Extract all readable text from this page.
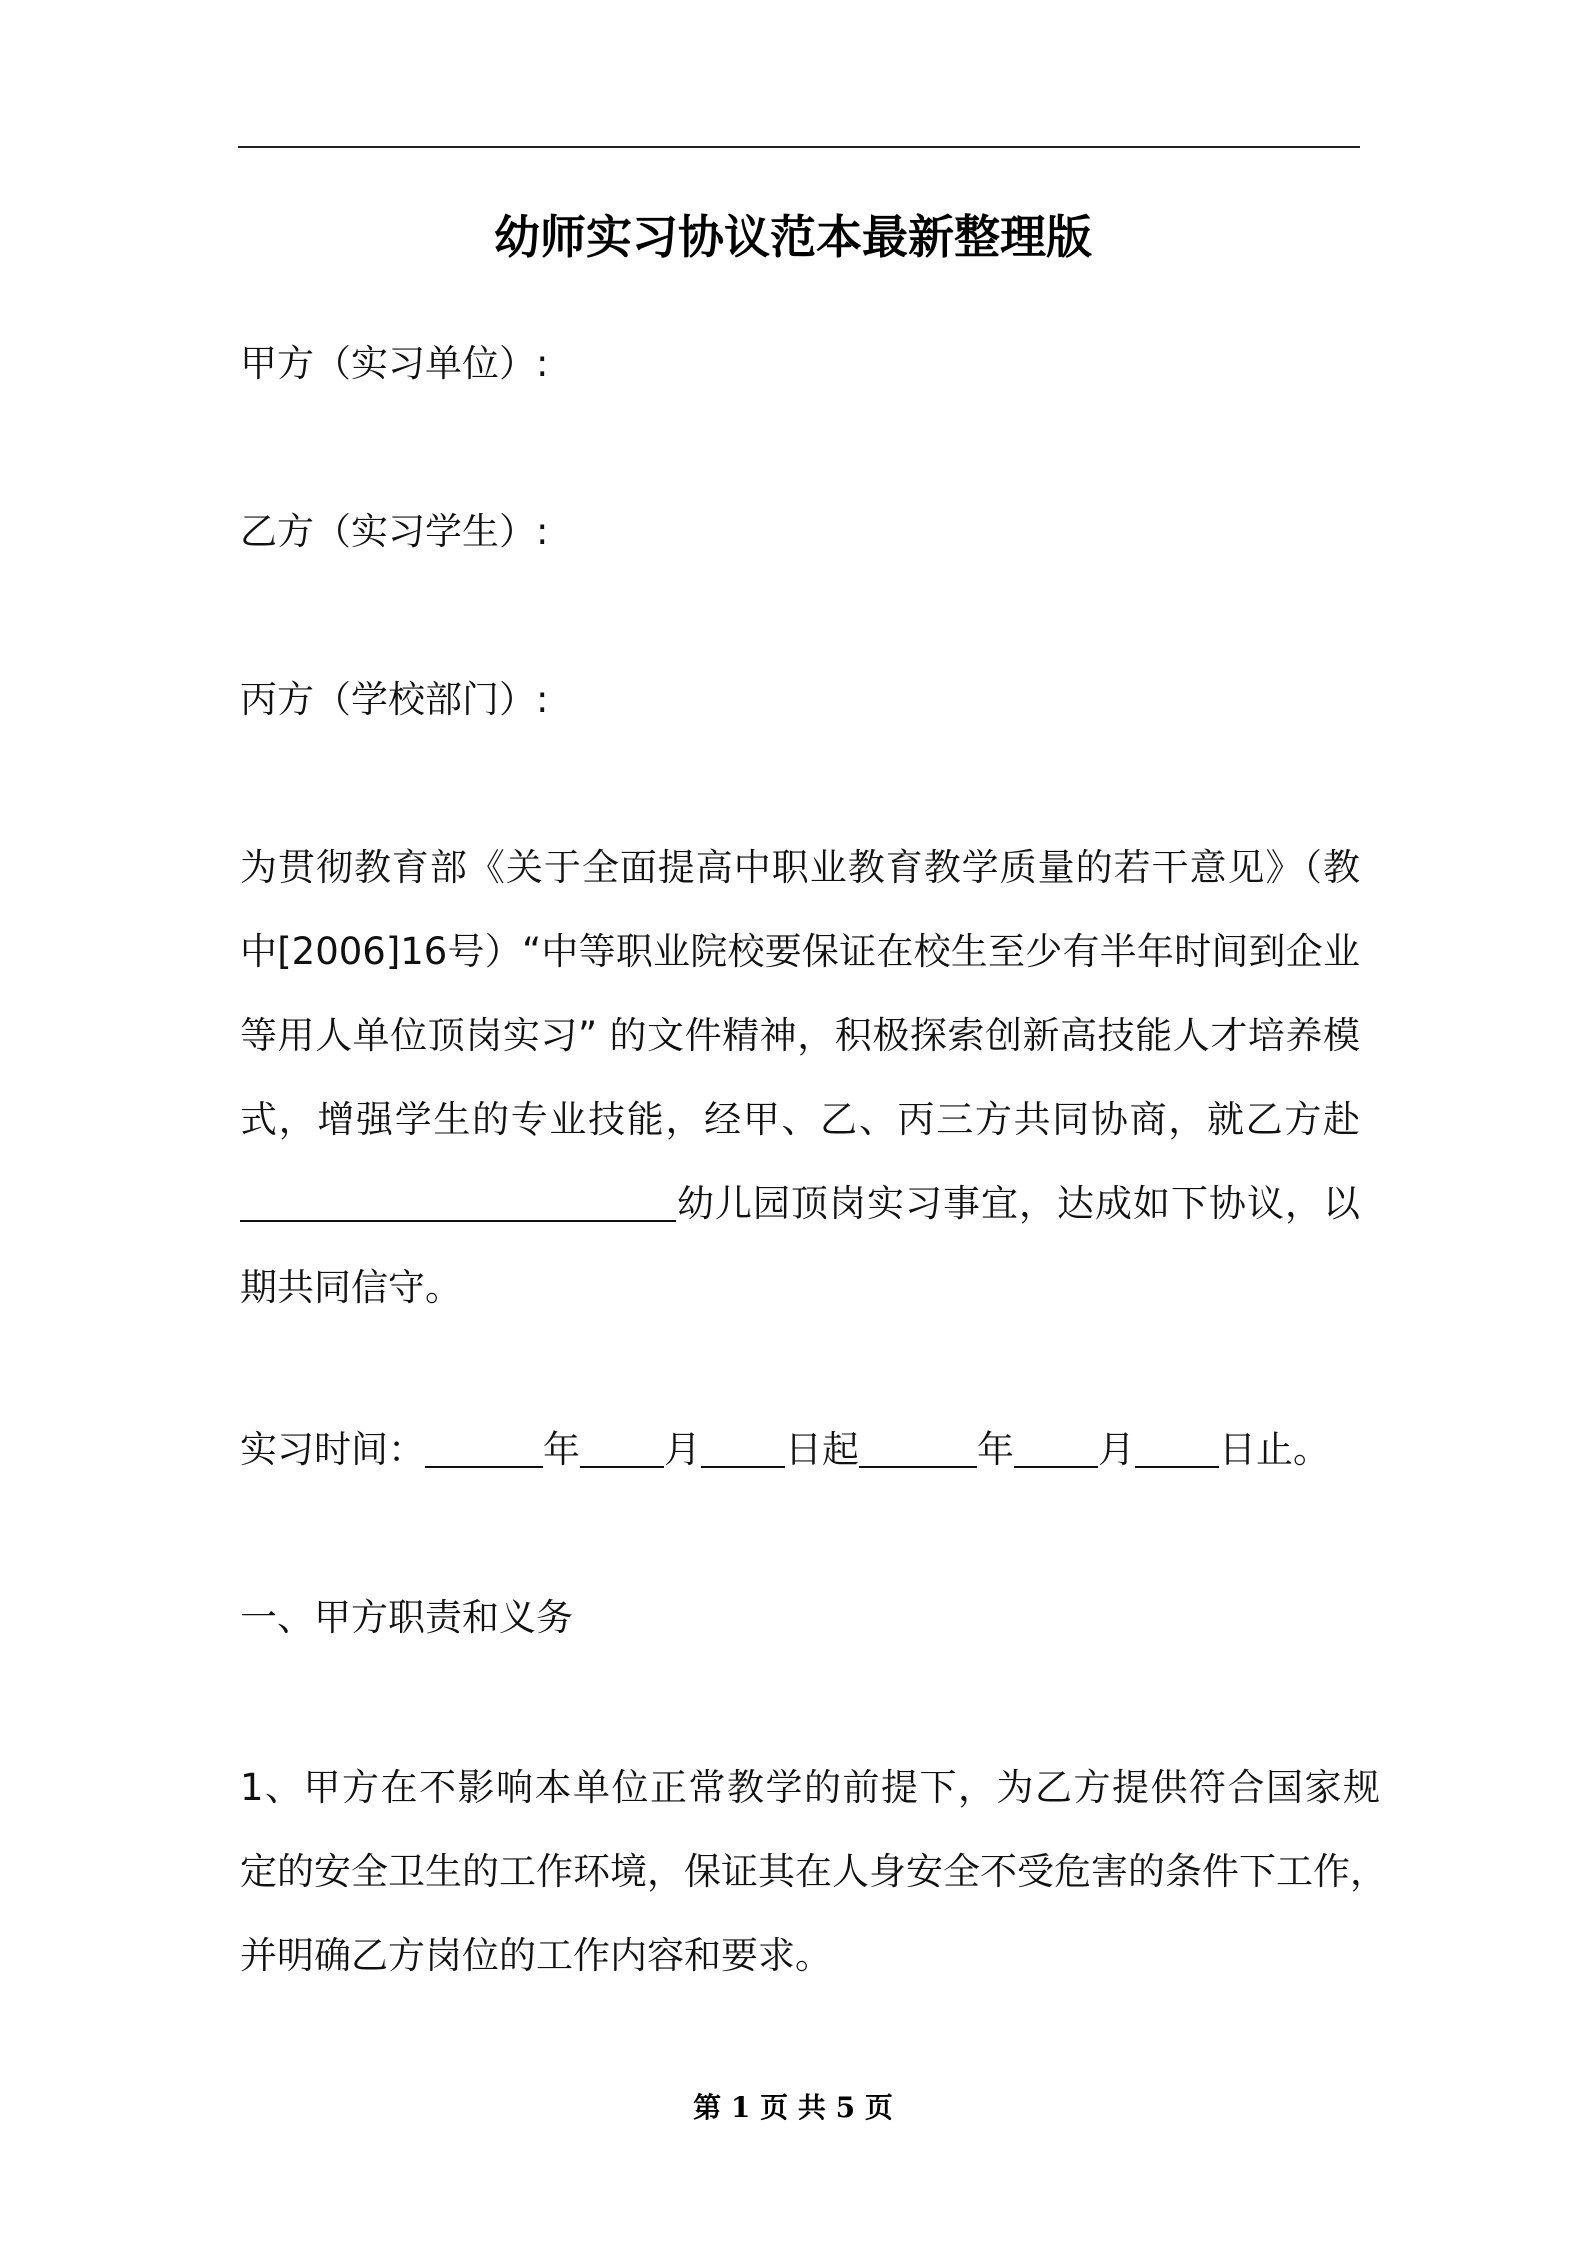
幼师实习协议范本最新整理版
甲方（实习单位）:
乙方（实习学生）:
丙方（学校部门）:

为贯彻教育部《关于全面提高中职业教育教学质量的若干意见》（教

中[2006]16号）“中等职业院校要保证在校生至少有半年时间到企业

等用人单位顶岗实习” 的文件精神，积极探索创新高技能人才培养模

式，增强学生的专业技能，经甲、乙、丙三方共同协商，就乙方赴

幼儿园顶岗实习事宜，达成如下协议，以

期共同信守。

实习时间：	年 月 日起	年 月 日止。
一、甲方职责和义务

1、甲方在不影响本单位正常教学的前提下，为乙方提供符合国家规

定的安全卫生的工作环境，保证其在人身安全不受危害的条件下工作，

并明确乙方岗位的工作内容和要求。

第 1 页 共 5 页
